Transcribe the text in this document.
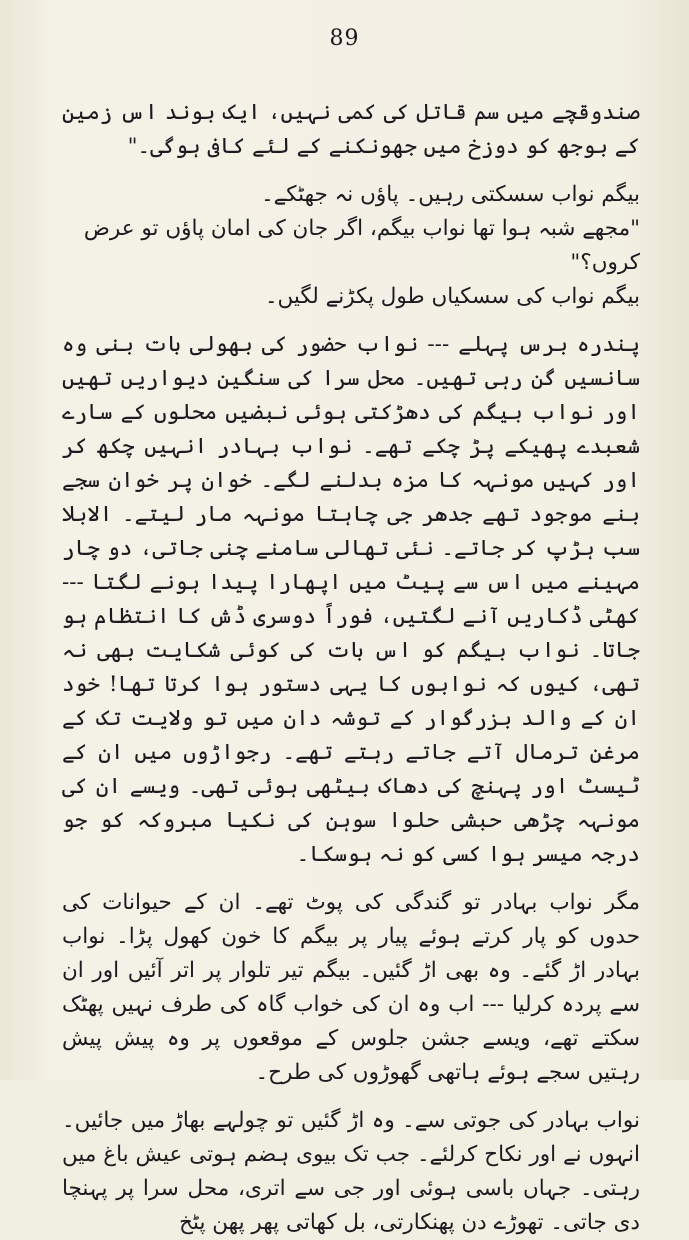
89

صندوقچے میں سم قاتل کی کمی نہیں، ایک بوند اس زمین کے بوجھ کو دوزخ میں جھونکنے کے لئے کافی ہوگی۔"

بیگم نواب سسکتی رہیں۔ پاؤں نہ جھٹکے۔

"مجھے شبہ ہوا تھا نواب بیگم، اگر جان کی امان پاؤں تو عرض کروں؟"

بیگم نواب کی سسکیاں طول پکڑنے لگیں۔

پندرہ برس پہلے --- نواب حضور کی بھولی بات بنی وہ سانسیں گن رہی تھیں۔ محل سرا کی سنگین دیواریں تھیں اور نواب بیگم کی دھڑکتی ہوئی نبضیں محلوں کے سارے شعبدے پھیکے پڑ چکے تھے۔ نواب بہادر انہیں چکھ کر اور کہیں مونہہ کا مزہ بدلنے لگے۔ خوان پر خوان سجے بنے موجود تھے جدھر جی چاہتا مونہہ مار لیتے۔ الابلا سب ہڑپ کر جاتے۔ نئی تھالی سامنے چنی جاتی، دو چار مہینے میں اس سے پیٹ میں اپھارا پیدا ہونے لگتا --- کھٹی ڈکاریں آنے لگتیں، فوراً دوسری ڈش کا انتظام ہو جاتا۔ نواب بیگم کو اس بات کی کوئی شکایت بھی نہ تھی، کیوں کہ نوابوں کا یہی دستور ہوا کرتا تھا! خود ان کے والد بزرگوار کے توشہ دان میں تو ولایت تک کے مرغن ترمال آتے جاتے رہتے تھے۔ رجواڑوں میں ان کے ٹیسٹ اور پہنچ کی دھاک بیٹھی ہوئی تھی۔ ویسے ان کی مونہہ چڑھی حبشی حلوا سوہن کی نکیا مبروکہ کو جو درجہ میسر ہوا کسی کو نہ ہوسکا۔

مگر نواب بہادر تو گندگی کی پوٹ تھے۔ ان کے حیوانات کی حدوں کو پار کرتے ہوئے پیار پر بیگم کا خون کھول پڑا۔ نواب بہادر اڑ گئے۔ وہ بھی اڑ گئیں۔ بیگم تیر تلوار پر اتر آئیں اور ان سے پردہ کرلیا --- اب وہ ان کی خواب گاہ کی طرف نہیں پھٹک سکتے تھے، ویسے جشن جلوس کے موقعوں پر وہ پیش پیش رہتیں سجے ہوئے ہاتھی گھوڑوں کی طرح۔

نواب بہادر کی جوتی سے۔ وہ اڑ گئیں تو چولہے بھاڑ میں جائیں۔ انہوں نے اور نکاح کرلئے۔ جب تک بیوی ہضم ہوتی عیش باغ میں رہتی۔ جہاں باسی ہوئی اور جی سے اتری، محل سرا پر پہنچا دی جاتی۔ تھوڑے دن پھنکارتی، بل کھاتی پھر پھن پٹخ
